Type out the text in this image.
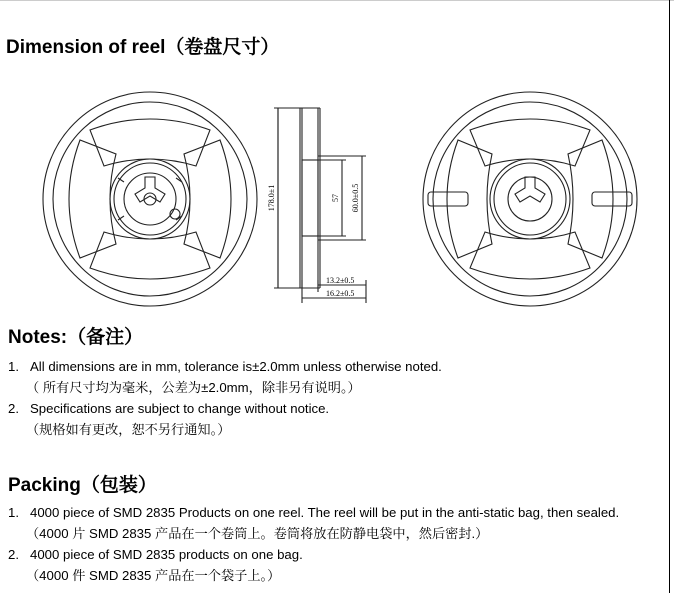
Dimension of reel（卷盘尺寸）
178.0±1	57 60.0±0.5
13.2±0.5
16.2±0.5
Notes:（备注）
1. All dimensions are in mm, tolerance is±2.0mm unless otherwise noted.
（ 所有尺寸均为毫米，公差为±2.0mm，除非另有说明。）
2. Specifications are subject to change without notice.
（规格如有更改，恕不另行通知。）
Packing（包装）
1. 4000 piece of SMD 2835 Products on one reel. The reel will be put in the anti-static bag, then sealed.
（4000 片 SMD 2835 产品在一个卷筒上。卷筒将放在防静电袋中，然后密封.）
2. 4000 piece of SMD 2835 products on one bag.
（4000 件 SMD 2835 产品在一个袋子上。）
